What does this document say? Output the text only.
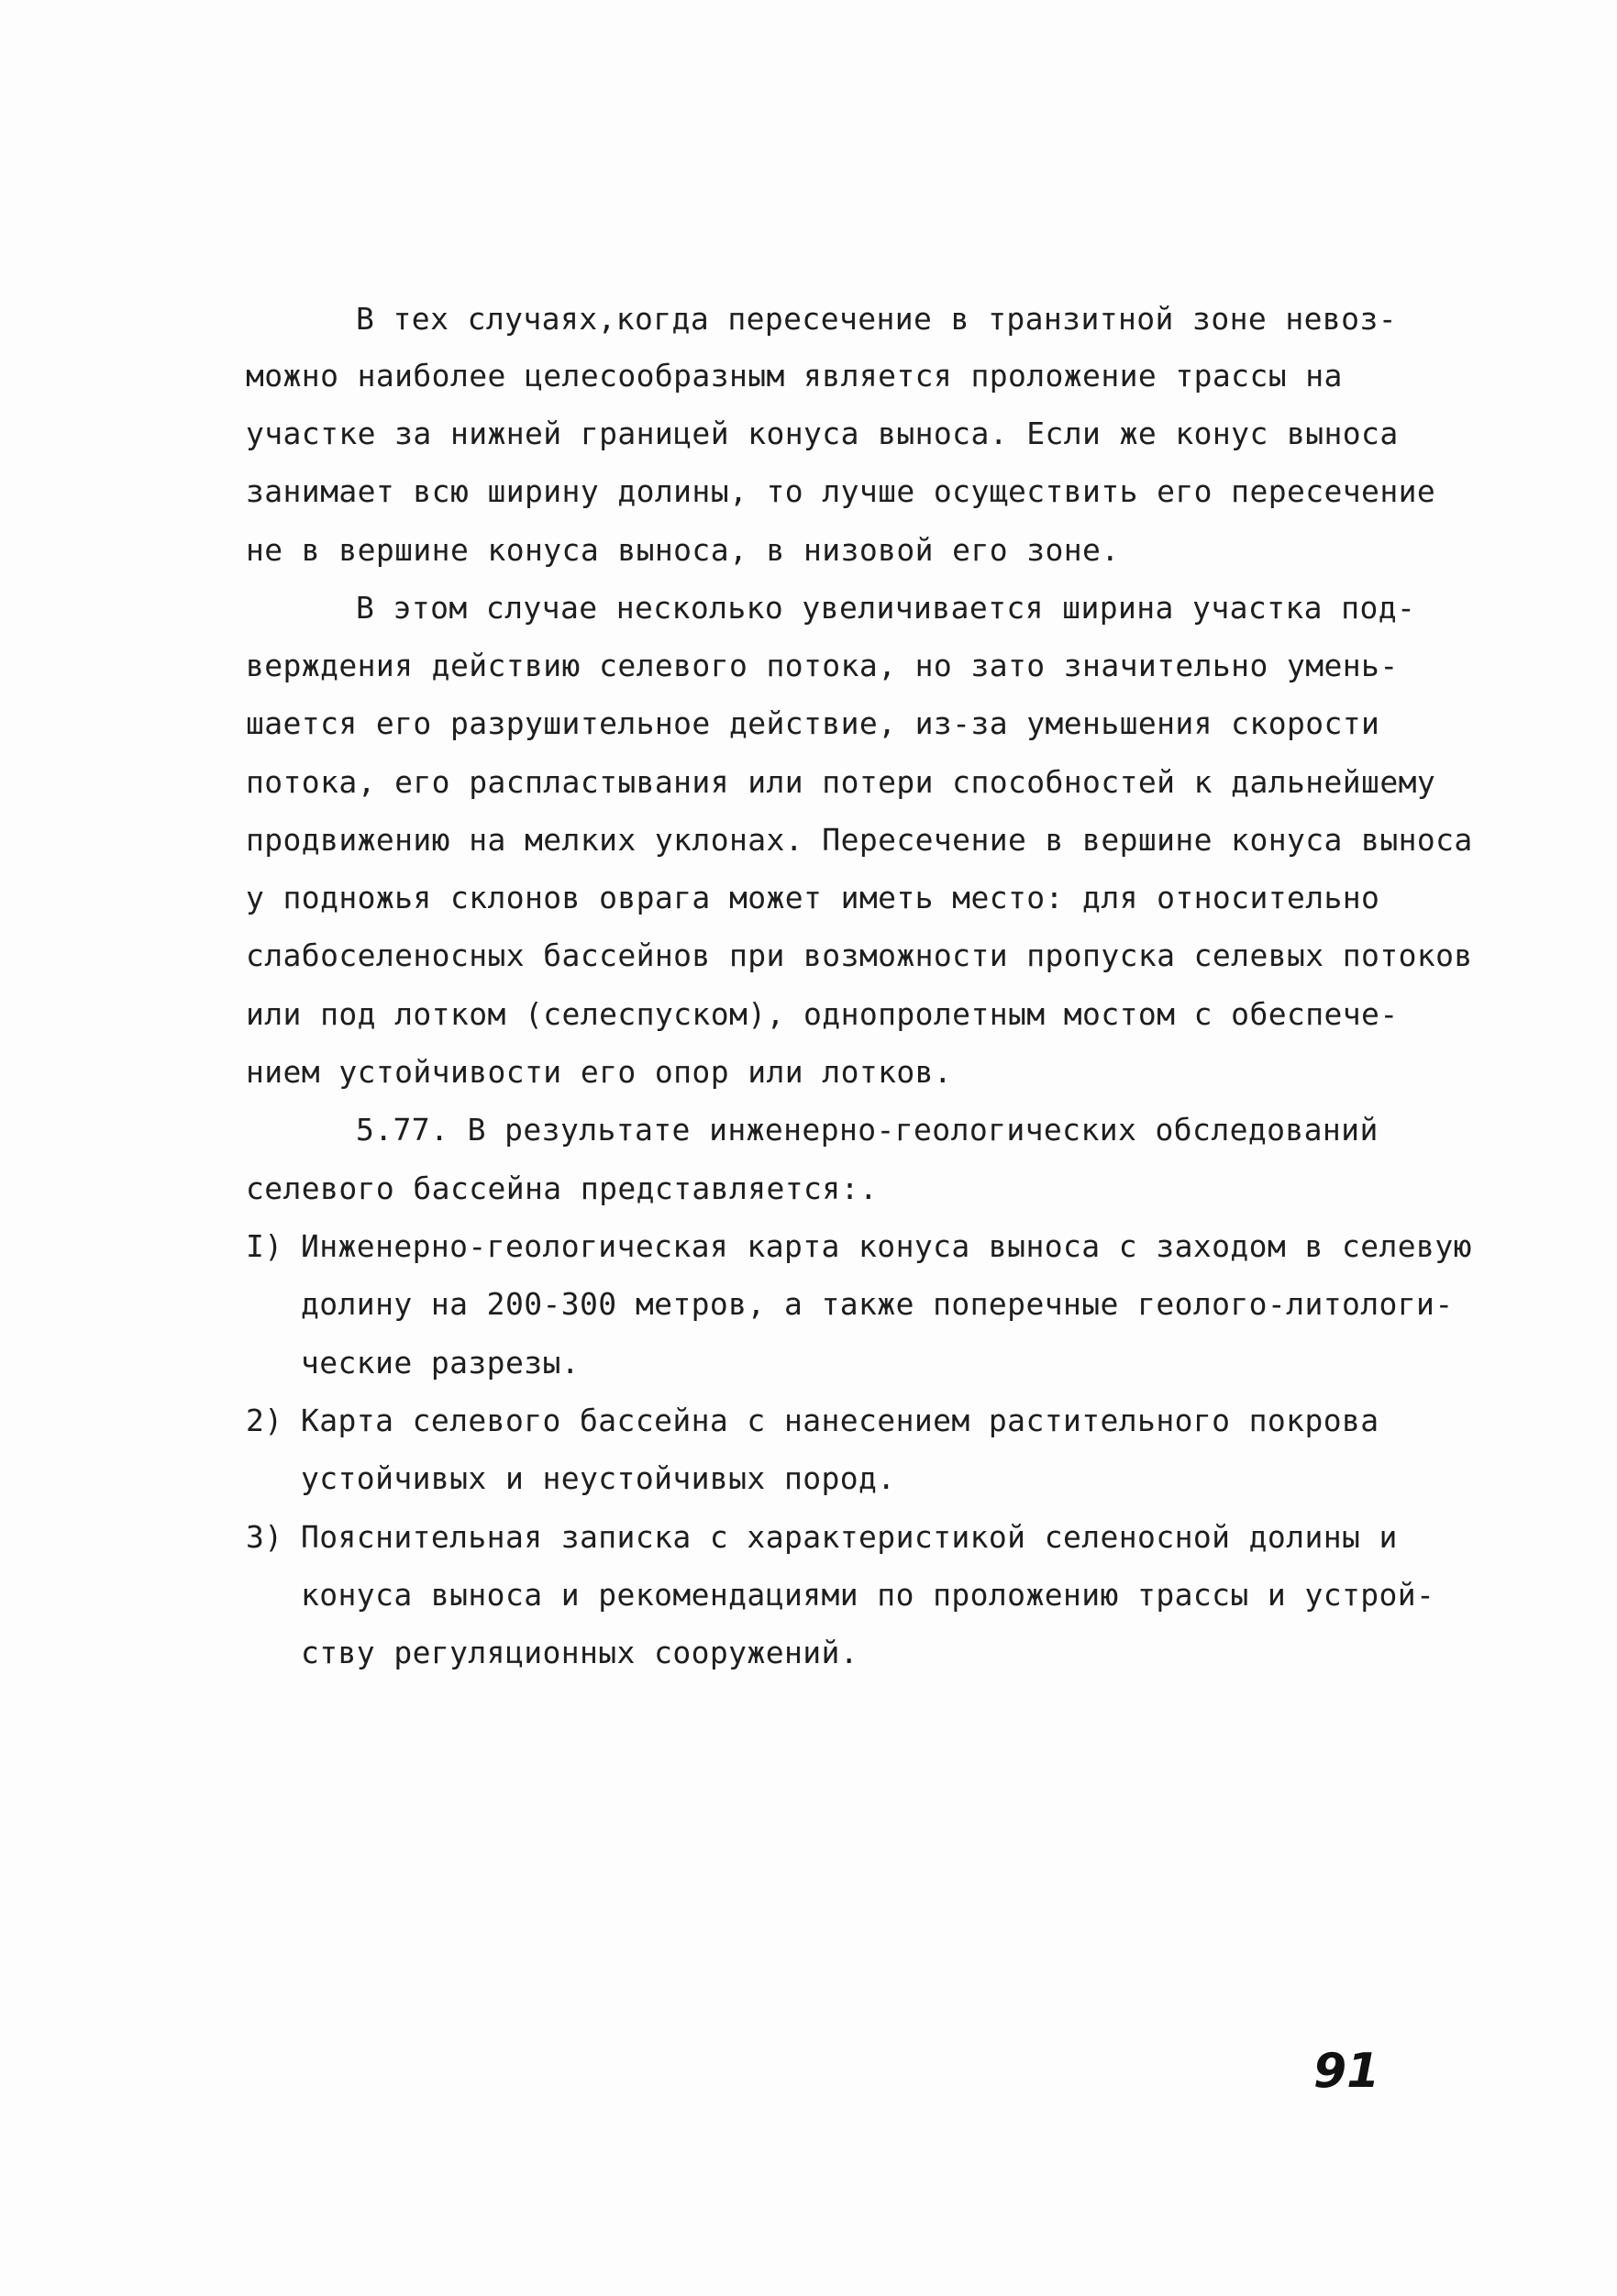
В тех случаях,когда пересечение в транзитной зоне невоз-

можно наиболее целесообразным является проложение трассы на

участке за нижней границей конуса выноса. Если же конус выноса

занимает всю ширину долины, то лучше осуществить его пересечение

не в вершине конуса выноса, в низовой его зоне.

В этом случае несколько увеличивается ширина участка под-

верждения действию селевого потока, но зато значительно умень-

шается его разрушительное действие, из-за уменьшения скорости

потока, его распластывания или потери способностей к дальнейшему

продвижению на мелких уклонах. Пересечение в вершине конуса выноса

у подножья склонов оврага может иметь место: для относительно

слабоселеносных бассейнов при возможности пропуска селевых потоков

или под лотком (селеспуском), однопролетным мостом с обеспече-

нием устойчивости его опор или лотков.

5.77. В результате инженерно-геологических обследований

селевого бассейна представляется:.

I) Инженерно-геологическая карта конуса выноса с заходом в селевую

долину на 200-300 метров, а также поперечные геолого-литологи-

ческие разрезы.

2) Карта селевого бассейна с нанесением растительного покрова

устойчивых и неустойчивых пород.

3) Пояснительная записка с характеристикой селеносной долины и

конуса выноса и рекомендациями по проложению трассы и устрой-

ству регуляционных сооружений.

91
